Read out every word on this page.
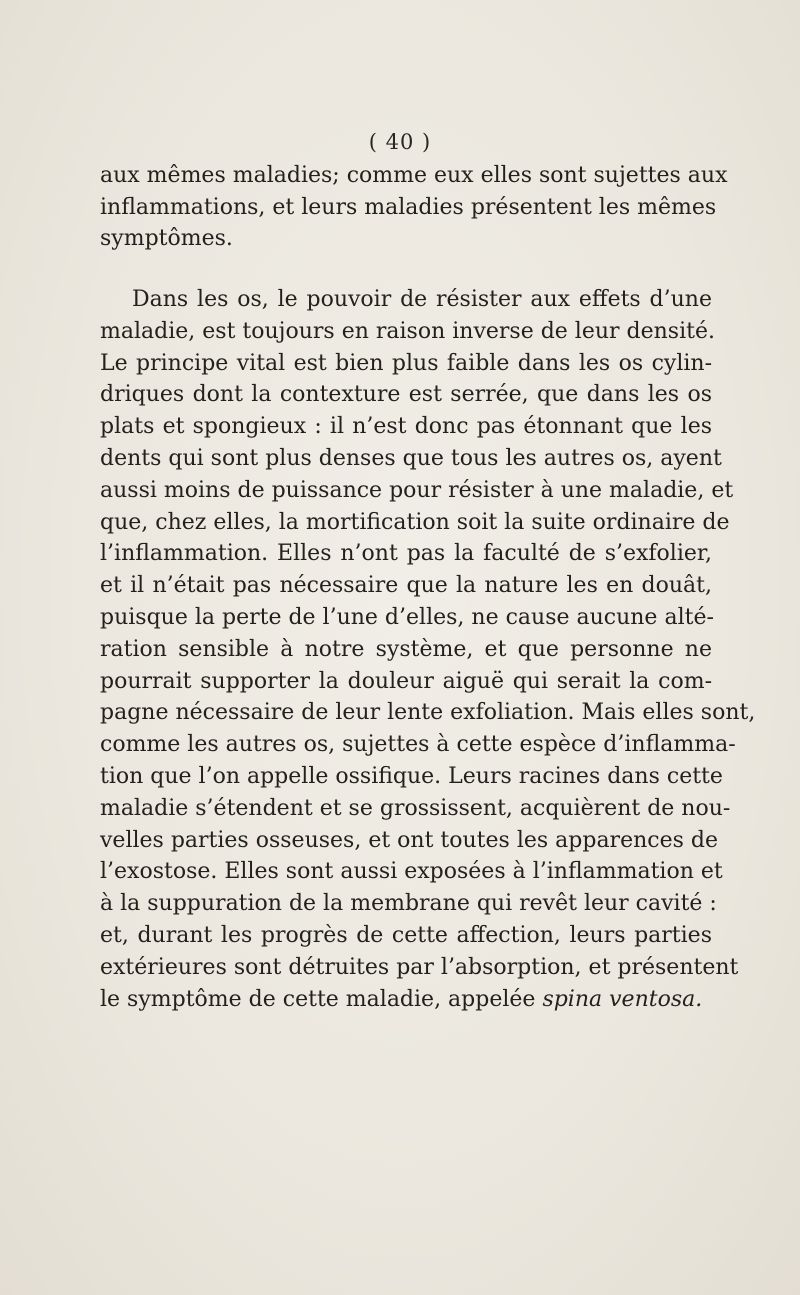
( 40 )
aux mêmes maladies; comme eux elles sont sujettes aux
inflammations, et leurs maladies présentent les mêmes
symptômes.
Dans les os, le pouvoir de résister aux effets d’une
maladie, est toujours en raison inverse de leur densité.
Le principe vital est bien plus faible dans les os cylin-
driques dont la contexture est serrée, que dans les os
plats et spongieux : il n’est donc pas étonnant que les
dents qui sont plus denses que tous les autres os, ayent
aussi moins de puissance pour résister à une maladie, et
que, chez elles, la mortification soit la suite ordinaire de
l’inflammation. Elles n’ont pas la faculté de s’exfolier,
et il n’était pas nécessaire que la nature les en douât,
puisque la perte de l’une d’elles, ne cause aucune alté-
ration sensible à notre système, et que personne ne
pourrait supporter la douleur aiguë qui serait la com-
pagne nécessaire de leur lente exfoliation. Mais elles sont,
comme les autres os, sujettes à cette espèce d’inflamma-
tion que l’on appelle ossifique. Leurs racines dans cette
maladie s’étendent et se grossissent, acquièrent de nou-
velles parties osseuses, et ont toutes les apparences de
l’exostose. Elles sont aussi exposées à l’inflammation et
à la suppuration de la membrane qui revêt leur cavité :
et, durant les progrès de cette affection, leurs parties
extérieures sont détruites par l’absorption, et présentent
le symptôme de cette maladie, appelée spina ventosa.
